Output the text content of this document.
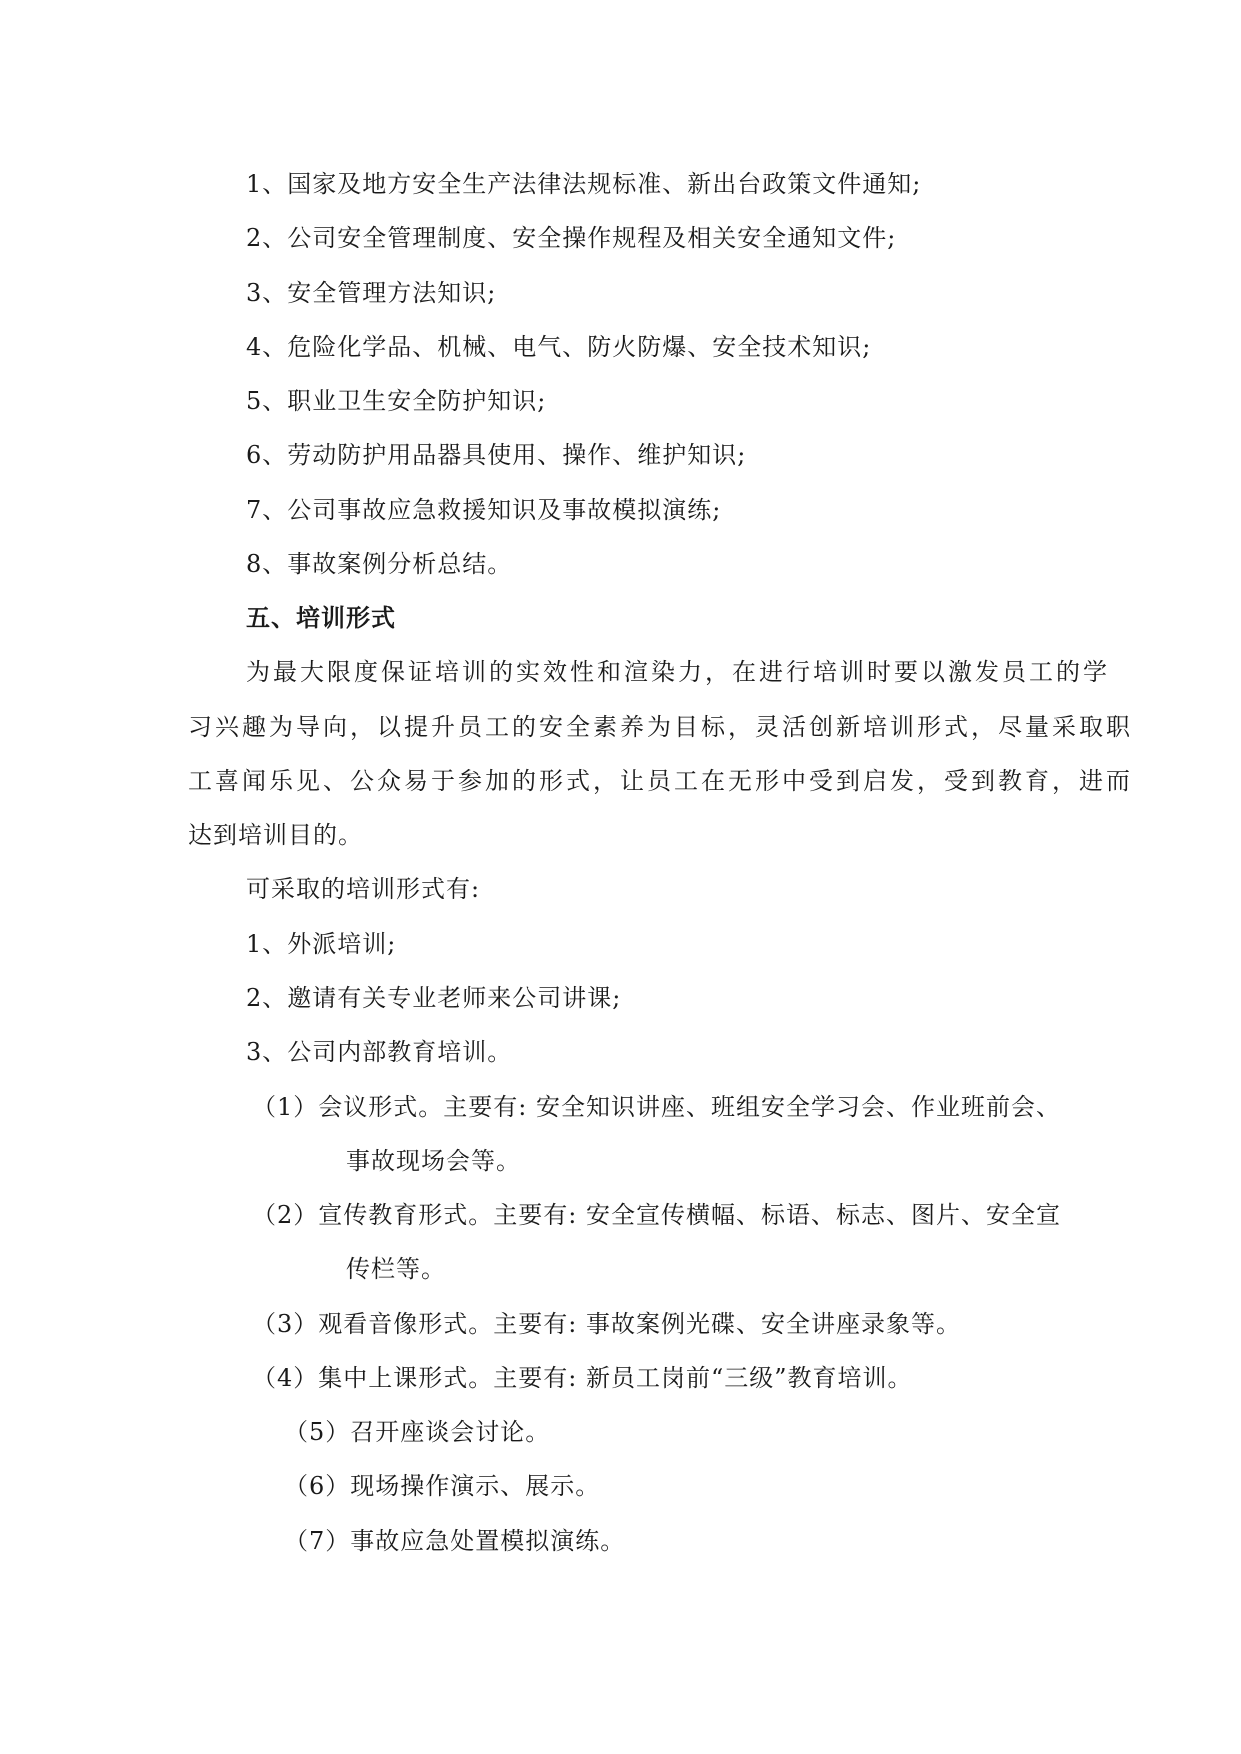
1、国家及地方安全生产法律法规标准、新出台政策文件通知;
2、公司安全管理制度、安全操作规程及相关安全通知文件;
3、安全管理方法知识;
4、危险化学品、机械、电气、防火防爆、安全技术知识;
5、职业卫生安全防护知识;
6、劳动防护用品器具使用、操作、维护知识;
7、公司事故应急救援知识及事故模拟演练;
8、事故案例分析总结。
五、培训形式
为最大限度保证培训的实效性和渲染力，在进行培训时要以激发员工的学
习兴趣为导向，以提升员工的安全素养为目标，灵活创新培训形式，尽量采取职
工喜闻乐见、公众易于参加的形式，让员工在无形中受到启发，受到教育，进而
达到培训目的。
可采取的培训形式有:
1、外派培训;
2、邀请有关专业老师来公司讲课;
3、公司内部教育培训。
（1）会议形式。主要有: 安全知识讲座、班组安全学习会、作业班前会、
事故现场会等。
（2）宣传教育形式。主要有: 安全宣传横幅、标语、标志、图片、安全宣
传栏等。
（3）观看音像形式。主要有: 事故案例光碟、安全讲座录象等。
（4）集中上课形式。主要有: 新员工岗前“三级”教育培训。
（5）召开座谈会讨论。
（6）现场操作演示、展示。
（7）事故应急处置模拟演练。
